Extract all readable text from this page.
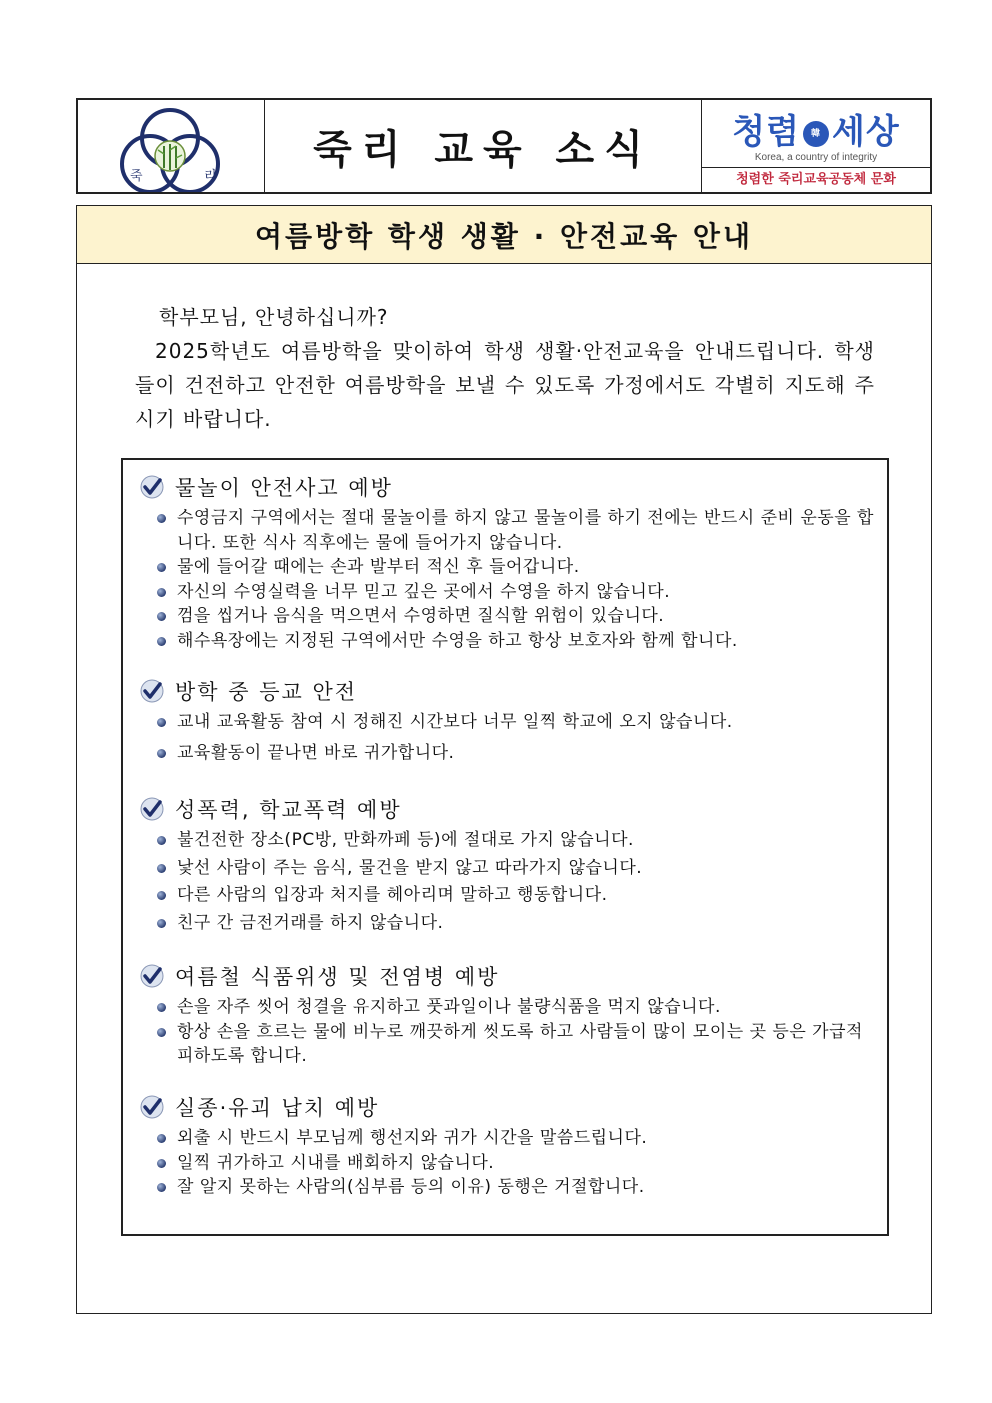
죽	리
죽리 교육 소식	청렴 韓 세상
Korea, a country of integrity
청렴한 죽리교육공동체 문화
여름방학 학생 생활 · 안전교육 안내

학부모님, 안녕하십니까?

2025학년도 여름방학을 맞이하여 학생 생활·안전교육을 안내드립니다. 학생들이 건전하고 안전한 여름방학을 보낼 수 있도록 가정에서도 각별히 지도해 주시기 바랍니다.

물놀이 안전사고 예방
수영금지 구역에서는 절대 물놀이를 하지 않고 물놀이를 하기 전에는 반드시 준비 운동을 합니다. 또한 식사 직후에는 물에 들어가지 않습니다.
물에 들어갈 때에는 손과 발부터 적신 후 들어갑니다.
자신의 수영실력을 너무 믿고 깊은 곳에서 수영을 하지 않습니다.
껌을 씹거나 음식을 먹으면서 수영하면 질식할 위험이 있습니다.
해수욕장에는 지정된 구역에서만 수영을 하고 항상 보호자와 함께 합니다.
방학 중 등교 안전
교내 교육활동 참여 시 정해진 시간보다 너무 일찍 학교에 오지 않습니다.
교육활동이 끝나면 바로 귀가합니다.
성폭력, 학교폭력 예방
불건전한 장소(PC방, 만화까페 등)에 절대로 가지 않습니다.
낯선 사람이 주는 음식, 물건을 받지 않고 따라가지 않습니다.
다른 사람의 입장과 처지를 헤아리며 말하고 행동합니다.
친구 간 금전거래를 하지 않습니다.
여름철 식품위생 및 전염병 예방
손을 자주 씻어 청결을 유지하고 풋과일이나 불량식품을 먹지 않습니다.
항상 손을 흐르는 물에 비누로 깨끗하게 씻도록 하고 사람들이 많이 모이는 곳 등은 가급적 피하도록 합니다.
실종·유괴 납치 예방
외출 시 반드시 부모님께 행선지와 귀가 시간을 말씀드립니다.
일찍 귀가하고 시내를 배회하지 않습니다.
잘 알지 못하는 사람의(심부름 등의 이유) 동행은 거절합니다.
